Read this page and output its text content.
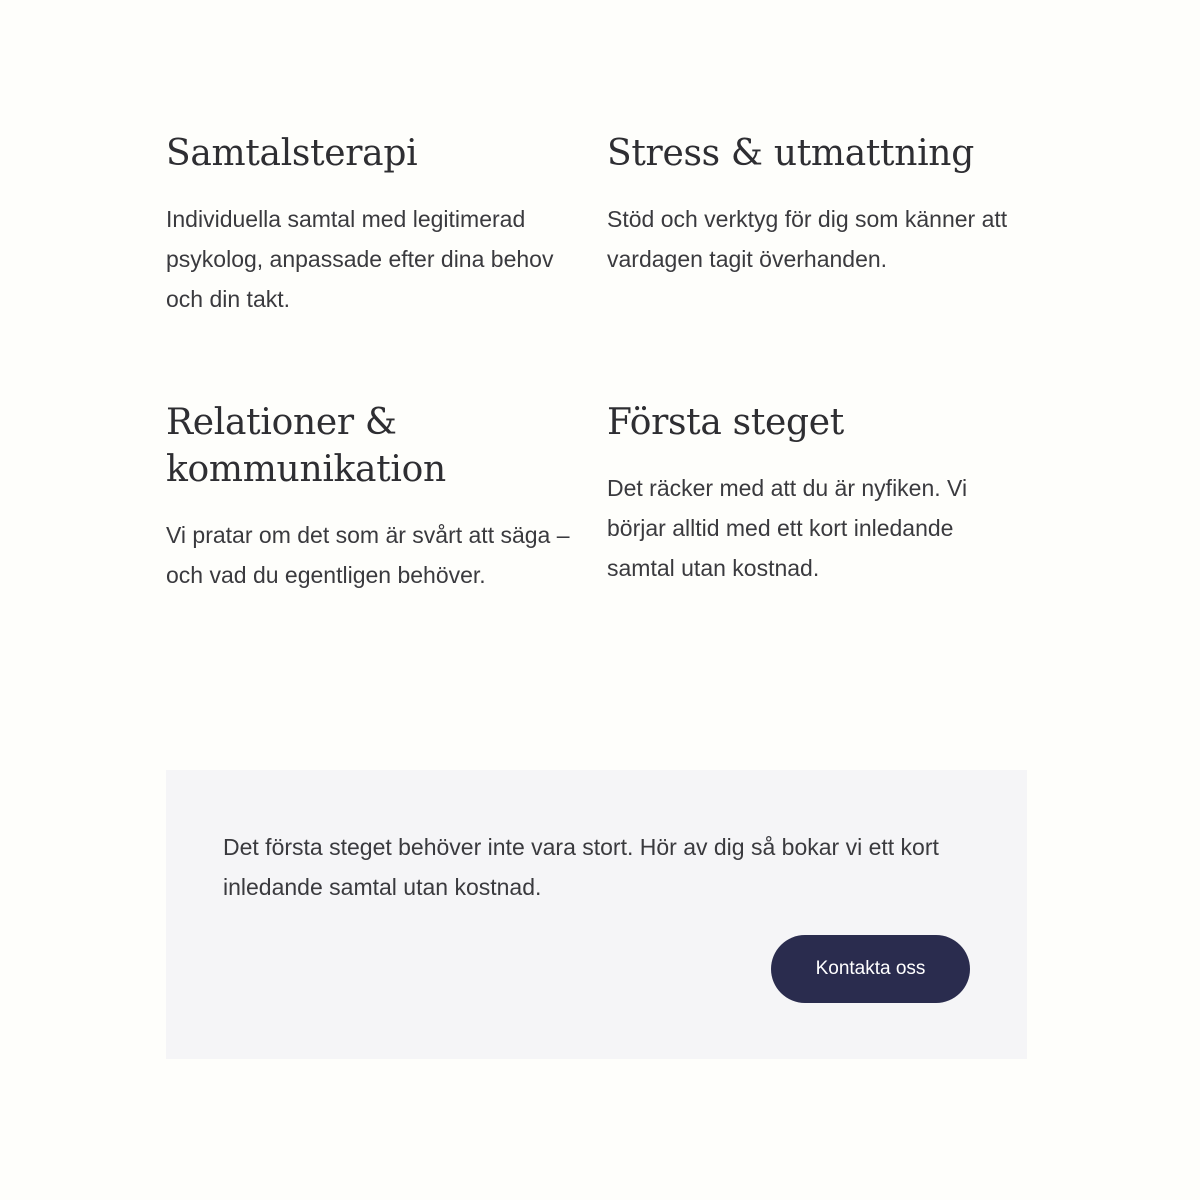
Samtalsterapi

Individuella samtal med legitimerad psykolog, anpassade efter dina behov och din takt.

Stress & utmattning

Stöd och verktyg för dig som känner att vardagen tagit överhanden.

Relationer & kommunikation

Vi pratar om det som är svårt att säga – och vad du egentligen behöver.

Första steget

Det räcker med att du är nyfiken. Vi börjar alltid med ett kort inledande samtal utan kostnad.

Det första steget behöver inte vara stort. Hör av dig så bokar vi ett kort inledande samtal utan kostnad.

Kontakta oss
